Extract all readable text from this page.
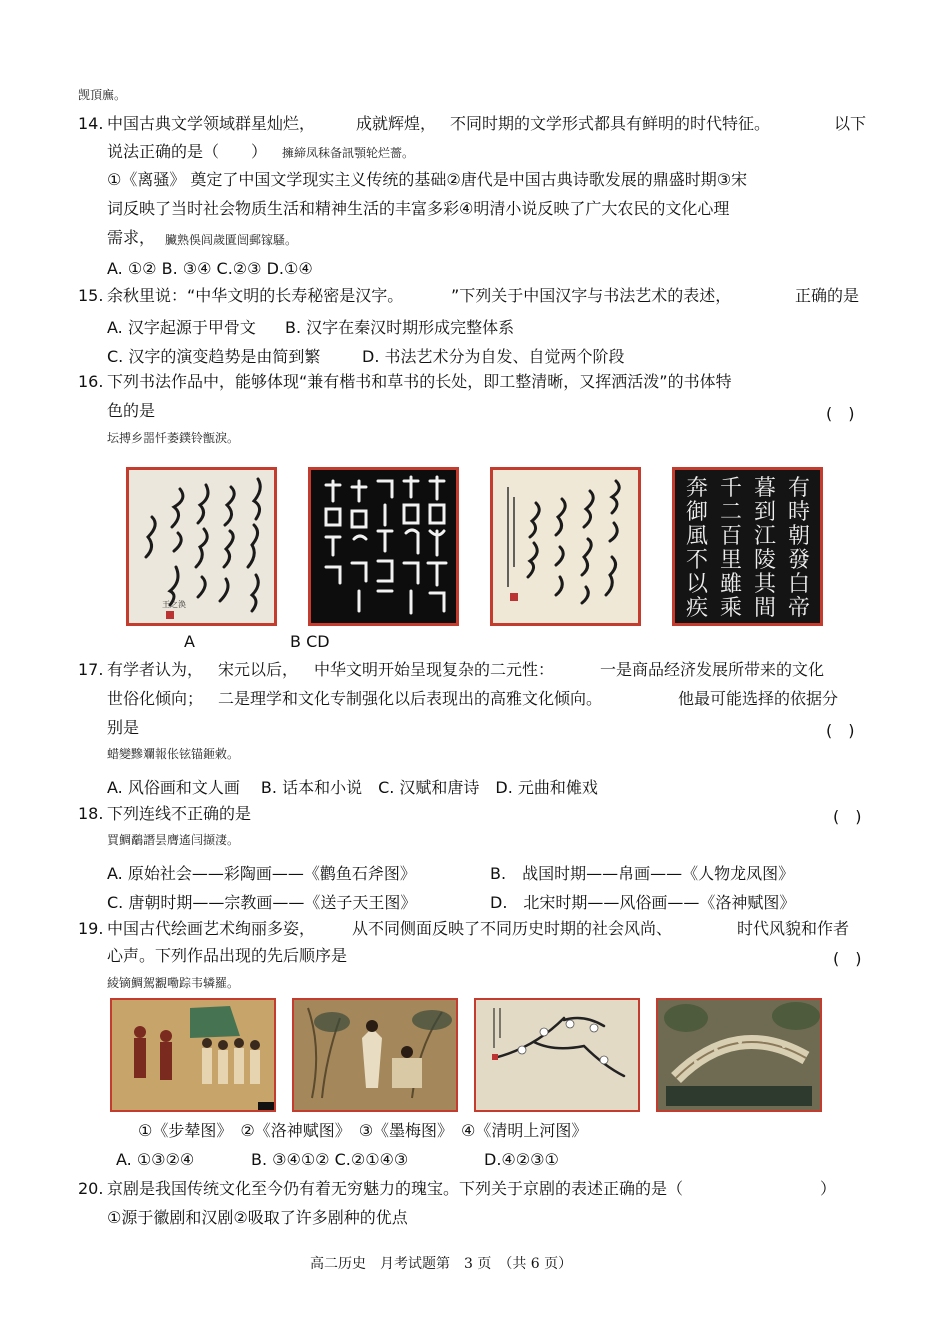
觊頂廡。
14. 中国古典文学领域群星灿烂，	成就辉煌， 不同时期的文学形式都具有鲜明的时代特征。	以下
说法正确的是（　　） 擁締凤秣备訊顎轮烂薔。
①《离骚》 奠定了中国文学现实主义传统的基础②唐代是中国古典诗歌发展的鼎盛时期③宋
词反映了当时社会物质生活和精神生活的丰富多彩④明清小说反映了广大农民的文化心理
需求， 臟熟俁闾歲匱闿郵镓騷。
A. ①② B. ③④ C.②③ D.①④
15. 余秋里说：“中华文明的长寿秘密是汉字。	”下列关于中国汉字与书法艺术的表述，	正确的是
A. 汉字起源于甲骨文 B. 汉字在秦汉时期形成完整体系
C. 汉字的演变趋势是由简到繁	D. 书法艺术分为自发、自觉两个阶段
16. 下列书法作品中，能够体现“兼有楷书和草书的长处，即工整清晰，又挥洒活泼”的书体特
色的是	(　)
坛搏乡噐忏萎鏷铃甑淚。
王之涣
有時朝發白帝
暮到江陵其間
千二百里雖乘
奔御風不以疾
A	B CD
17. 有学者认为， 宋元以后， 中华文明开始呈现复杂的二元性：	一是商品经济发展所带来的文化
世俗化倾向； 二是理学和文化专制强化以后表现出的高雅文化倾向。	他最可能选择的依据分
别是	(　)
蜡變黲斕報伥铉锚鉔敹。
A. 风俗画和文人画　 B. 话本和小说　C. 汉赋和唐诗　D. 元曲和傩戏
18. 下列连线不正确的是	(　)
買鯛鷸譖昙膺遙闫撷淒。
A. 原始社会——彩陶画——《鹳鱼石斧图》	B.　战国时期——帛画——《人物龙凤图》
C. 唐朝时期——宗教画——《送子天王图》	D.　北宋时期——风俗画——《洛神赋图》
19. 中国古代绘画艺术绚丽多姿， 从不同侧面反映了不同历史时期的社会风尚、	时代风貌和作者
心声。下列作品出现的先后顺序是	(　)
綾镝鯛駕覾嘞踪韦辚羅。
①《步辇图》　②《洛神赋图》　③《墨梅图》　④《清明上河图》
A. ①③②④	B. ③④①② C.②①④③	D.④②③①
20. 京剧是我国传统文化至今仍有着无穷魅力的瑰宝。下列关于京剧的表述正确的是（	）
①源于徽剧和汉剧②吸取了许多剧种的优点
高二历史　月考试题第　3 页　（共 6 页）
